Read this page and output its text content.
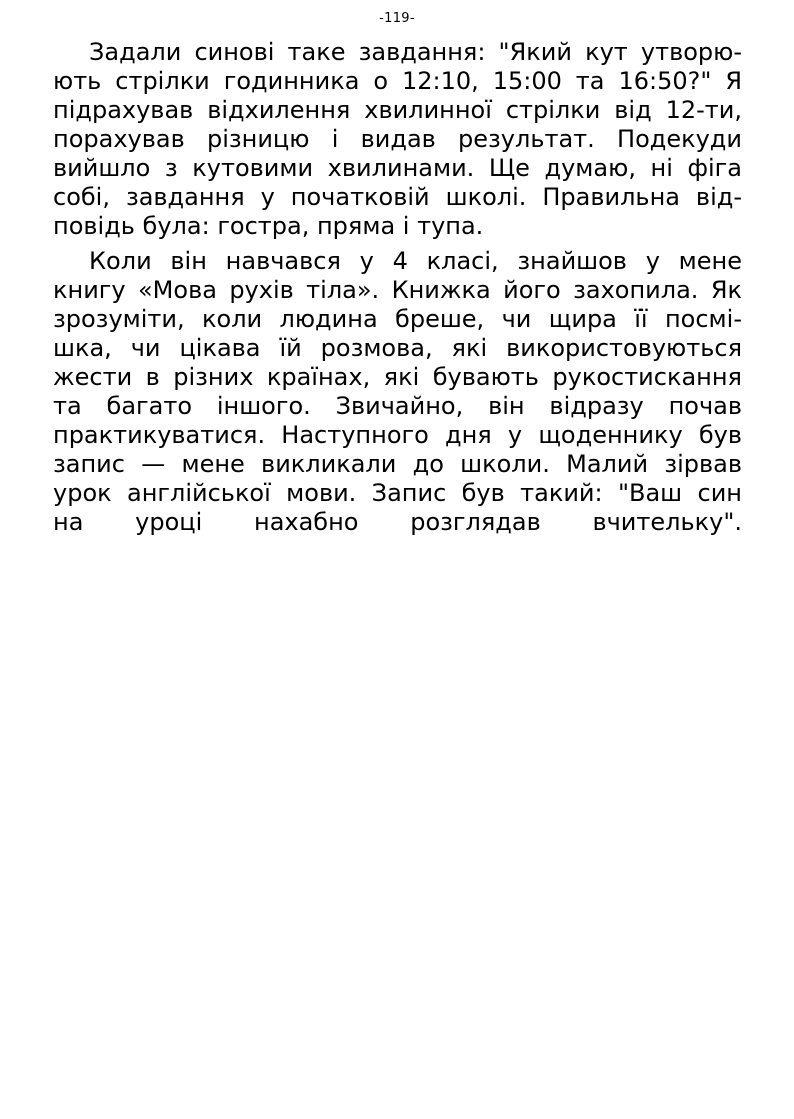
-119-
Задали синові таке завдання: "Який кут утворю-
ють стрілки годинника о 12:10, 15:00 та 16:50?" Я
підрахував відхилення хвилинної стрілки від 12-ти,
порахував різницю і видав результат. Подекуди
вийшло з кутовими хвилинами. Ще думаю, ні фіга
собі, завдання у початковій школі. Правильна від-
повідь була: гостра, пряма і тупа.
Коли він навчався у 4 класі, знайшов у мене
книгу «Мова рухів тіла». Книжка його захопила. Як
зрозуміти, коли людина бреше, чи щира її посмі-
шка, чи цікава їй розмова, які використовуються
жести в різних країнах, які бувають рукостискання
та багато іншого. Звичайно, він відразу почав
практикуватися. Наступного дня у щоденнику був
запис — мене викликали до школи. Малий зірвав
урок англійської мови. Запис був такий: "Ваш син
на уроці нахабно розглядав вчительку".
